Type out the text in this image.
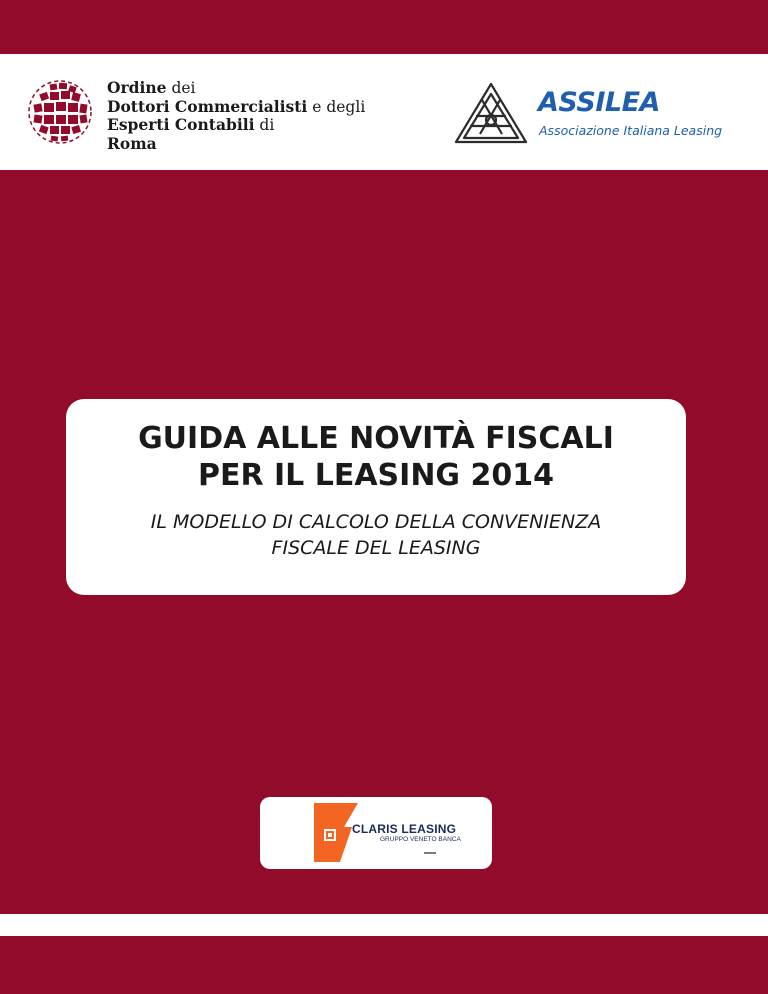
Ordine dei
Dottori Commercialisti e degli
Esperti Contabili di
Roma
ASSILEA
Associazione Italiana Leasing
GUIDA ALLE NOVITÀ FISCALI
PER IL LEASING 2014
IL MODELLO DI CALCOLO DELLA CONVENIENZA
FISCALE DEL LEASING
CLARIS LEASING
GRUPPO VENETO BANCA
